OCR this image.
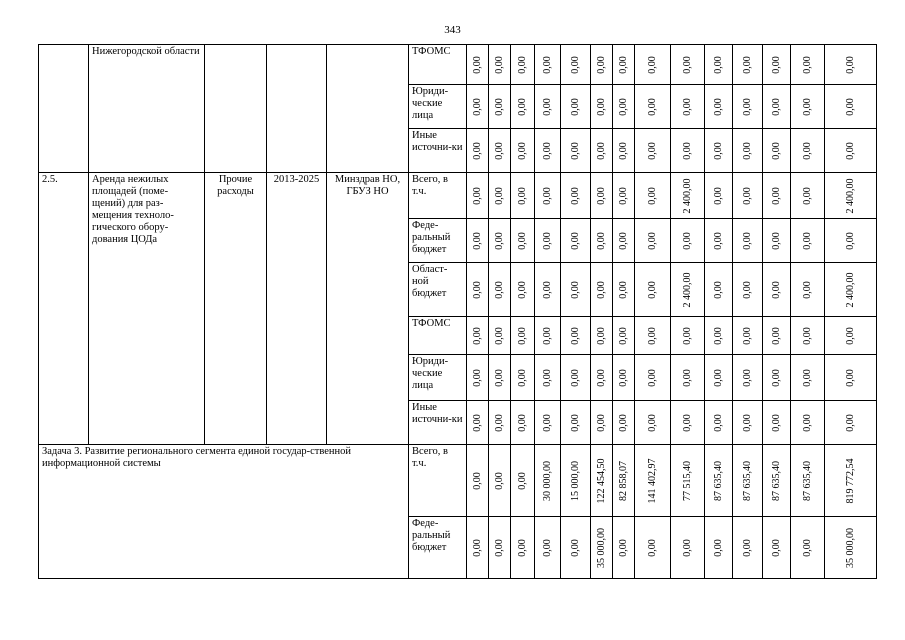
343
	Нижегородской области				ТФОМС	0,00	0,00	0,00	0,00	0,00	0,00	0,00	0,00	0,00	0,00	0,00	0,00	0,00	0,00

					Юриди-ческие лица	0,00	0,00	0,00	0,00	0,00	0,00	0,00	0,00	0,00	0,00	0,00	0,00	0,00	0,00

					Иные источни-ки	0,00	0,00	0,00	0,00	0,00	0,00	0,00	0,00	0,00	0,00	0,00	0,00	0,00	0,00

2.5.	Аренда нежилых площадей (поме-щений) для раз-мещения техноло-гического обору-дования ЦОДа	Прочие расходы	2013-2025	Минздрав НО, ГБУЗ НО	Всего, в т.ч.	0,00	0,00	0,00	0,00	0,00	0,00	0,00	0,00	2 400,00	0,00	0,00	0,00	0,00	2 400,00

					Феде-ральный бюджет	0,00	0,00	0,00	0,00	0,00	0,00	0,00	0,00	0,00	0,00	0,00	0,00	0,00	0,00

					Област-ной бюджет	0,00	0,00	0,00	0,00	0,00	0,00	0,00	0,00	2 400,00	0,00	0,00	0,00	0,00	2 400,00

					ТФОМС	0,00	0,00	0,00	0,00	0,00	0,00	0,00	0,00	0,00	0,00	0,00	0,00	0,00	0,00

					Юриди-ческие лица	0,00	0,00	0,00	0,00	0,00	0,00	0,00	0,00	0,00	0,00	0,00	0,00	0,00	0,00

					Иные источни-ки	0,00	0,00	0,00	0,00	0,00	0,00	0,00	0,00	0,00	0,00	0,00	0,00	0,00	0,00

Задача 3. Развитие регионального сегмента единой государ-ственной информационной системы					Всего, в т.ч.	0,00	0,00	0,00	30 000,00	15 000,00	122 454,50	82 858,07	141 402,97	77 515,40	87 635,40	87 635,40	87 635,40	87 635,40	819 772,54

					Феде-ральный бюджет	0,00	0,00	0,00	0,00	0,00	35 000,00	0,00	0,00	0,00	0,00	0,00	0,00	0,00	35 000,00
